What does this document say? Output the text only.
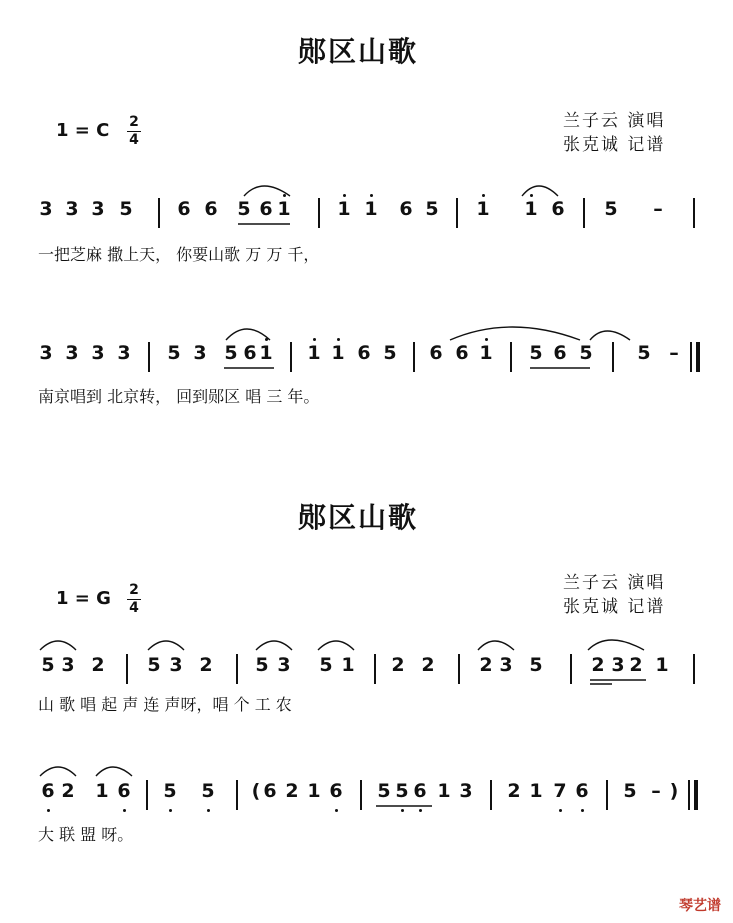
郧区山歌
1 = C 2
4
兰子云 演唱
张克诚 记谱
3 3 3 5 6 6 5 6 1 1 1 6 5 1 1 6 5 –
一把芝麻 撒上天， 你要山歌 万 万 千，
3 3 3 3 5 3 5 6 1 1 1 6 5 6 6 1 5 6 5 5 –
南京唱到 北京转， 回到郧区 唱 三 年。
郧区山歌
1 = G 2
4
兰子云 演唱
张克诚 记谱
5 3 2 5 3 2 5 3 5 1 2 2 2 3 5	2 3 2 1
山 歌 唱 起 声 连 声呀，唱 个 工 农
6 2 1 6 5 5 ( 6 2 1 6 5 5 6 1 3 2 1 7 6 5 – )
大 联 盟 呀。
琴艺谱
